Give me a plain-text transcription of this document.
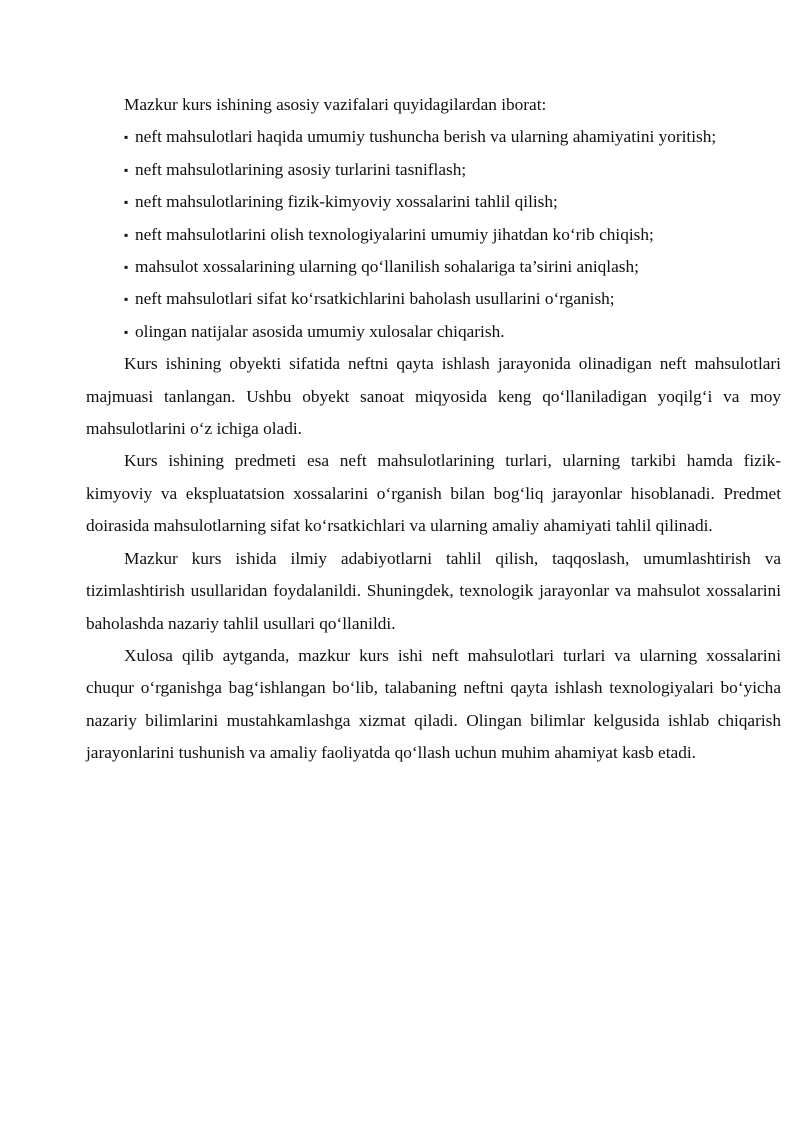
Mazkur kurs ishining asosiy vazifalari quyidagilardan iborat:

▪ neft mahsulotlari haqida umumiy tushuncha berish va ularning ahamiyatini yoritish;
▪ neft mahsulotlarining asosiy turlarini tasniflash;
▪ neft mahsulotlarining fizik-kimyoviy xossalarini tahlil qilish;
▪ neft mahsulotlarini olish texnologiyalarini umumiy jihatdan ko‘rib chiqish;
▪ mahsulot xossalarining ularning qo‘llanilish sohalariga ta’sirini aniqlash;
▪ neft mahsulotlari sifat ko‘rsatkichlarini baholash usullarini o‘rganish;
▪ olingan natijalar asosida umumiy xulosalar chiqarish.

Kurs ishining obyekti sifatida neftni qayta ishlash jarayonida olinadigan neft mahsulotlari majmuasi tanlangan. Ushbu obyekt sanoat miqyosida keng qo‘llaniladigan yoqilg‘i va moy mahsulotlarini o‘z ichiga oladi.

Kurs ishining predmeti esa neft mahsulotlarining turlari, ularning tarkibi hamda fizik-kimyoviy va ekspluatatsion xossalarini o‘rganish bilan bog‘liq jarayonlar hisoblanadi. Predmet doirasida mahsulotlarning sifat ko‘rsatkichlari va ularning amaliy ahamiyati tahlil qilinadi.

Mazkur kurs ishida ilmiy adabiyotlarni tahlil qilish, taqqoslash, umumlashtirish va tizimlashtirish usullaridan foydalanildi. Shuningdek, texnologik jarayonlar va mahsulot xossalarini baholashda nazariy tahlil usullari qo‘llanildi.

Xulosa qilib aytganda, mazkur kurs ishi neft mahsulotlari turlari va ularning xossalarini chuqur o‘rganishga bag‘ishlangan bo‘lib, talabaning neftni qayta ishlash texnologiyalari bo‘yicha nazariy bilimlarini mustahkamlashga xizmat qiladi. Olingan bilimlar kelgusida ishlab chiqarish jarayonlarini tushunish va amaliy faoliyatda qo‘llash uchun muhim ahamiyat kasb etadi.
